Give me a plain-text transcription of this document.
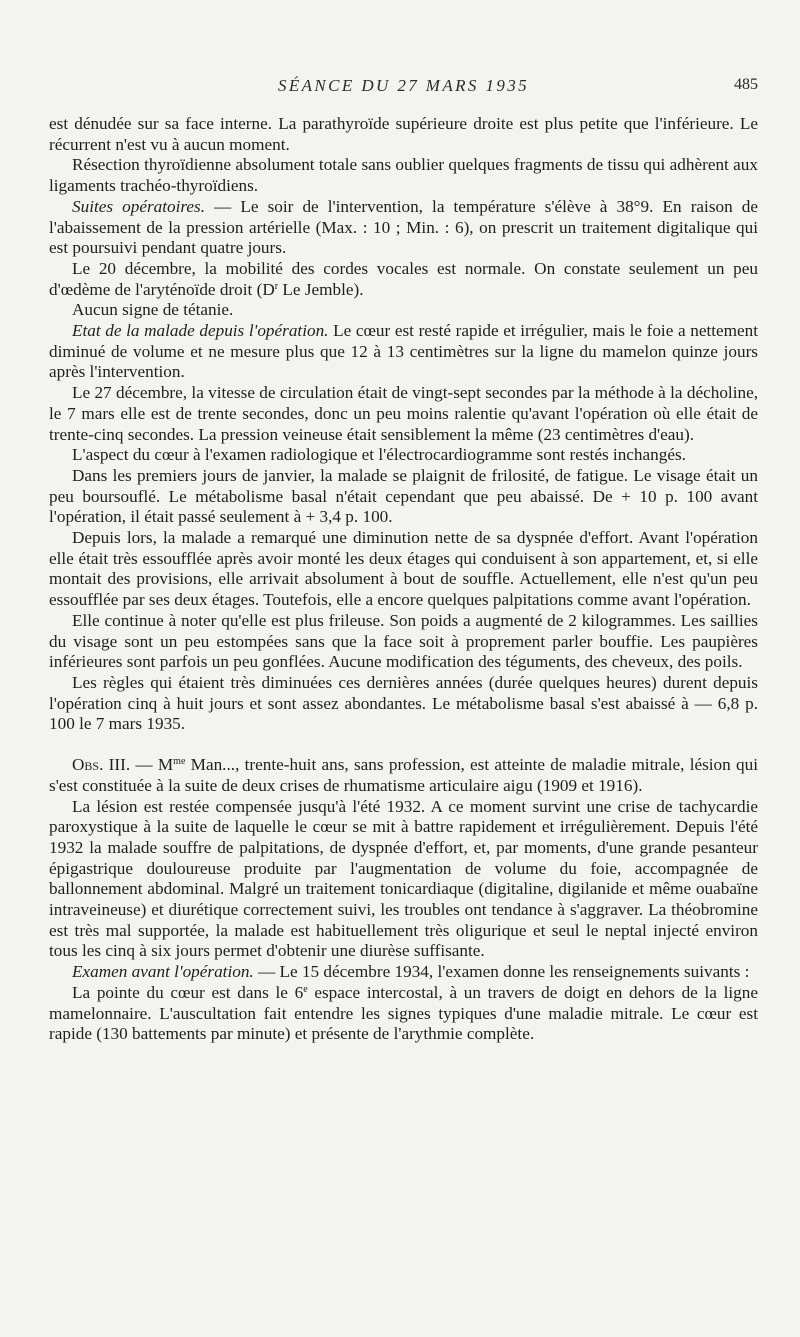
SÉANCE DU 27 MARS 1935	485

est dénudée sur sa face interne. La parathyroïde supérieure droite est plus petite que l'inférieure. Le récurrent n'est vu à aucun moment.

Résection thyroïdienne absolument totale sans oublier quelques fragments de tissu qui adhèrent aux ligaments trachéo-thyroïdiens.

Suites opératoires. — Le soir de l'intervention, la température s'élève à 38°9. En raison de l'abaissement de la pression artérielle (Max. : 10 ; Min. : 6), on prescrit un traitement digitalique qui est poursuivi pendant quatre jours.

Le 20 décembre, la mobilité des cordes vocales est normale. On constate seulement un peu d'œdème de l'aryténoïde droit ($D^r$ Le Jemble).

Aucun signe de tétanie.

Etat de la malade depuis l'opération. Le cœur est resté rapide et irrégulier, mais le foie a nettement diminué de volume et ne mesure plus que 12 à 13 centimètres sur la ligne du mamelon quinze jours après l'intervention.

Le 27 décembre, la vitesse de circulation était de vingt-sept secondes par la méthode à la décholine, le 7 mars elle est de trente secondes, donc un peu moins ralentie qu'avant l'opération où elle était de trente-cinq secondes. La pression veineuse était sensiblement la même (23 centimètres d'eau).

L'aspect du cœur à l'examen radiologique et l'électrocardiogramme sont restés inchangés.

Dans les premiers jours de janvier, la malade se plaignit de frilosité, de fatigue. Le visage était un peu boursouflé. Le métabolisme basal n'était cependant que peu abaissé. De + 10 p. 100 avant l'opération, il était passé seulement à + 3,4 p. 100.

Depuis lors, la malade a remarqué une diminution nette de sa dyspnée d'effort. Avant l'opération elle était très essoufflée après avoir monté les deux étages qui conduisent à son appartement, et, si elle montait des provisions, elle arrivait absolument à bout de souffle. Actuellement, elle n'est qu'un peu essoufflée par ses deux étages. Toutefois, elle a encore quelques palpitations comme avant l'opération.

Elle continue à noter qu'elle est plus frileuse. Son poids a augmenté de 2 kilogrammes. Les saillies du visage sont un peu estompées sans que la face soit à proprement parler bouffie. Les paupières inférieures sont parfois un peu gonflées. Aucune modification des téguments, des cheveux, des poils.

Les règles qui étaient très diminuées ces dernières années (durée quelques heures) durent depuis l'opération cinq à huit jours et sont assez abondantes. Le métabolisme basal s'est abaissé à — 6,8 p. 100 le 7 mars 1935.

Obs. III. — $M^{me}$ Man..., trente-huit ans, sans profession, est atteinte de maladie mitrale, lésion qui s'est constituée à la suite de deux crises de rhumatisme articulaire aigu (1909 et 1916).

La lésion est restée compensée jusqu'à l'été 1932. A ce moment survint une crise de tachycardie paroxystique à la suite de laquelle le cœur se mit à battre rapidement et irrégulièrement. Depuis l'été 1932 la malade souffre de palpitations, de dyspnée d'effort, et, par moments, d'une grande pesanteur épigastrique douloureuse produite par l'augmentation de volume du foie, accompagnée de ballonnement abdominal. Malgré un traitement tonicardiaque (digitaline, digilanide et même ouabaïne intraveineuse) et diurétique correctement suivi, les troubles ont tendance à s'aggraver. La théobromine est très mal supportée, la malade est habituellement très oligurique et seul le neptal injecté environ tous les cinq à six jours permet d'obtenir une diurèse suffisante.

Examen avant l'opération. — Le 15 décembre 1934, l'examen donne les renseignements suivants :

La pointe du cœur est dans le 6e espace intercostal, à un travers de doigt en dehors de la ligne mamelonnaire. L'auscultation fait entendre les signes typiques d'une maladie mitrale. Le cœur est rapide (130 battements par minute) et présente de l'arythmie complète.
